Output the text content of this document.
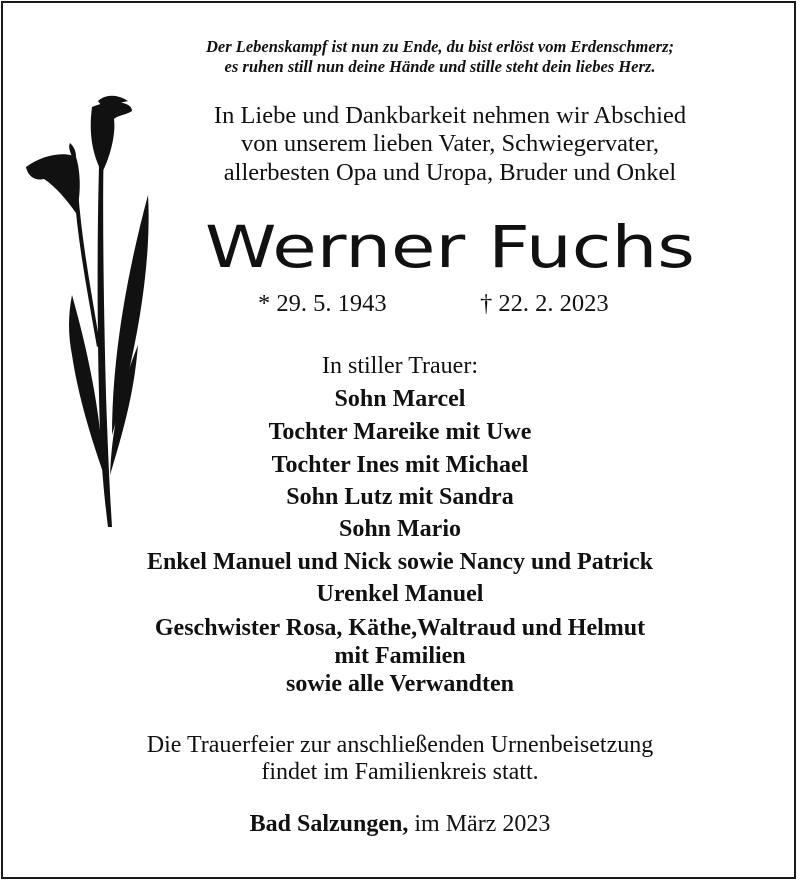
Der Lebenskampf ist nun zu Ende, du bist erlöst vom Erdenschmerz;
es ruhen still nun deine Hände und stille steht dein liebes Herz.
In Liebe und Dankbarkeit nehmen wir Abschied
von unserem lieben Vater, Schwiegervater,
allerbesten Opa und Uropa, Bruder und Onkel
Werner Fuchs
* 29. 5. 1943	† 22. 2. 2023
In stiller Trauer:
Sohn Marcel
Tochter Mareike mit Uwe
Tochter Ines mit Michael
Sohn Lutz mit Sandra
Sohn Mario
Enkel Manuel und Nick sowie Nancy und Patrick
Urenkel Manuel
Geschwister Rosa, Käthe,Waltraud und Helmut
mit Familien
sowie alle Verwandten
Die Trauerfeier zur anschließenden Urnenbeisetzung
findet im Familienkreis statt.
Bad Salzungen, im März 2023
